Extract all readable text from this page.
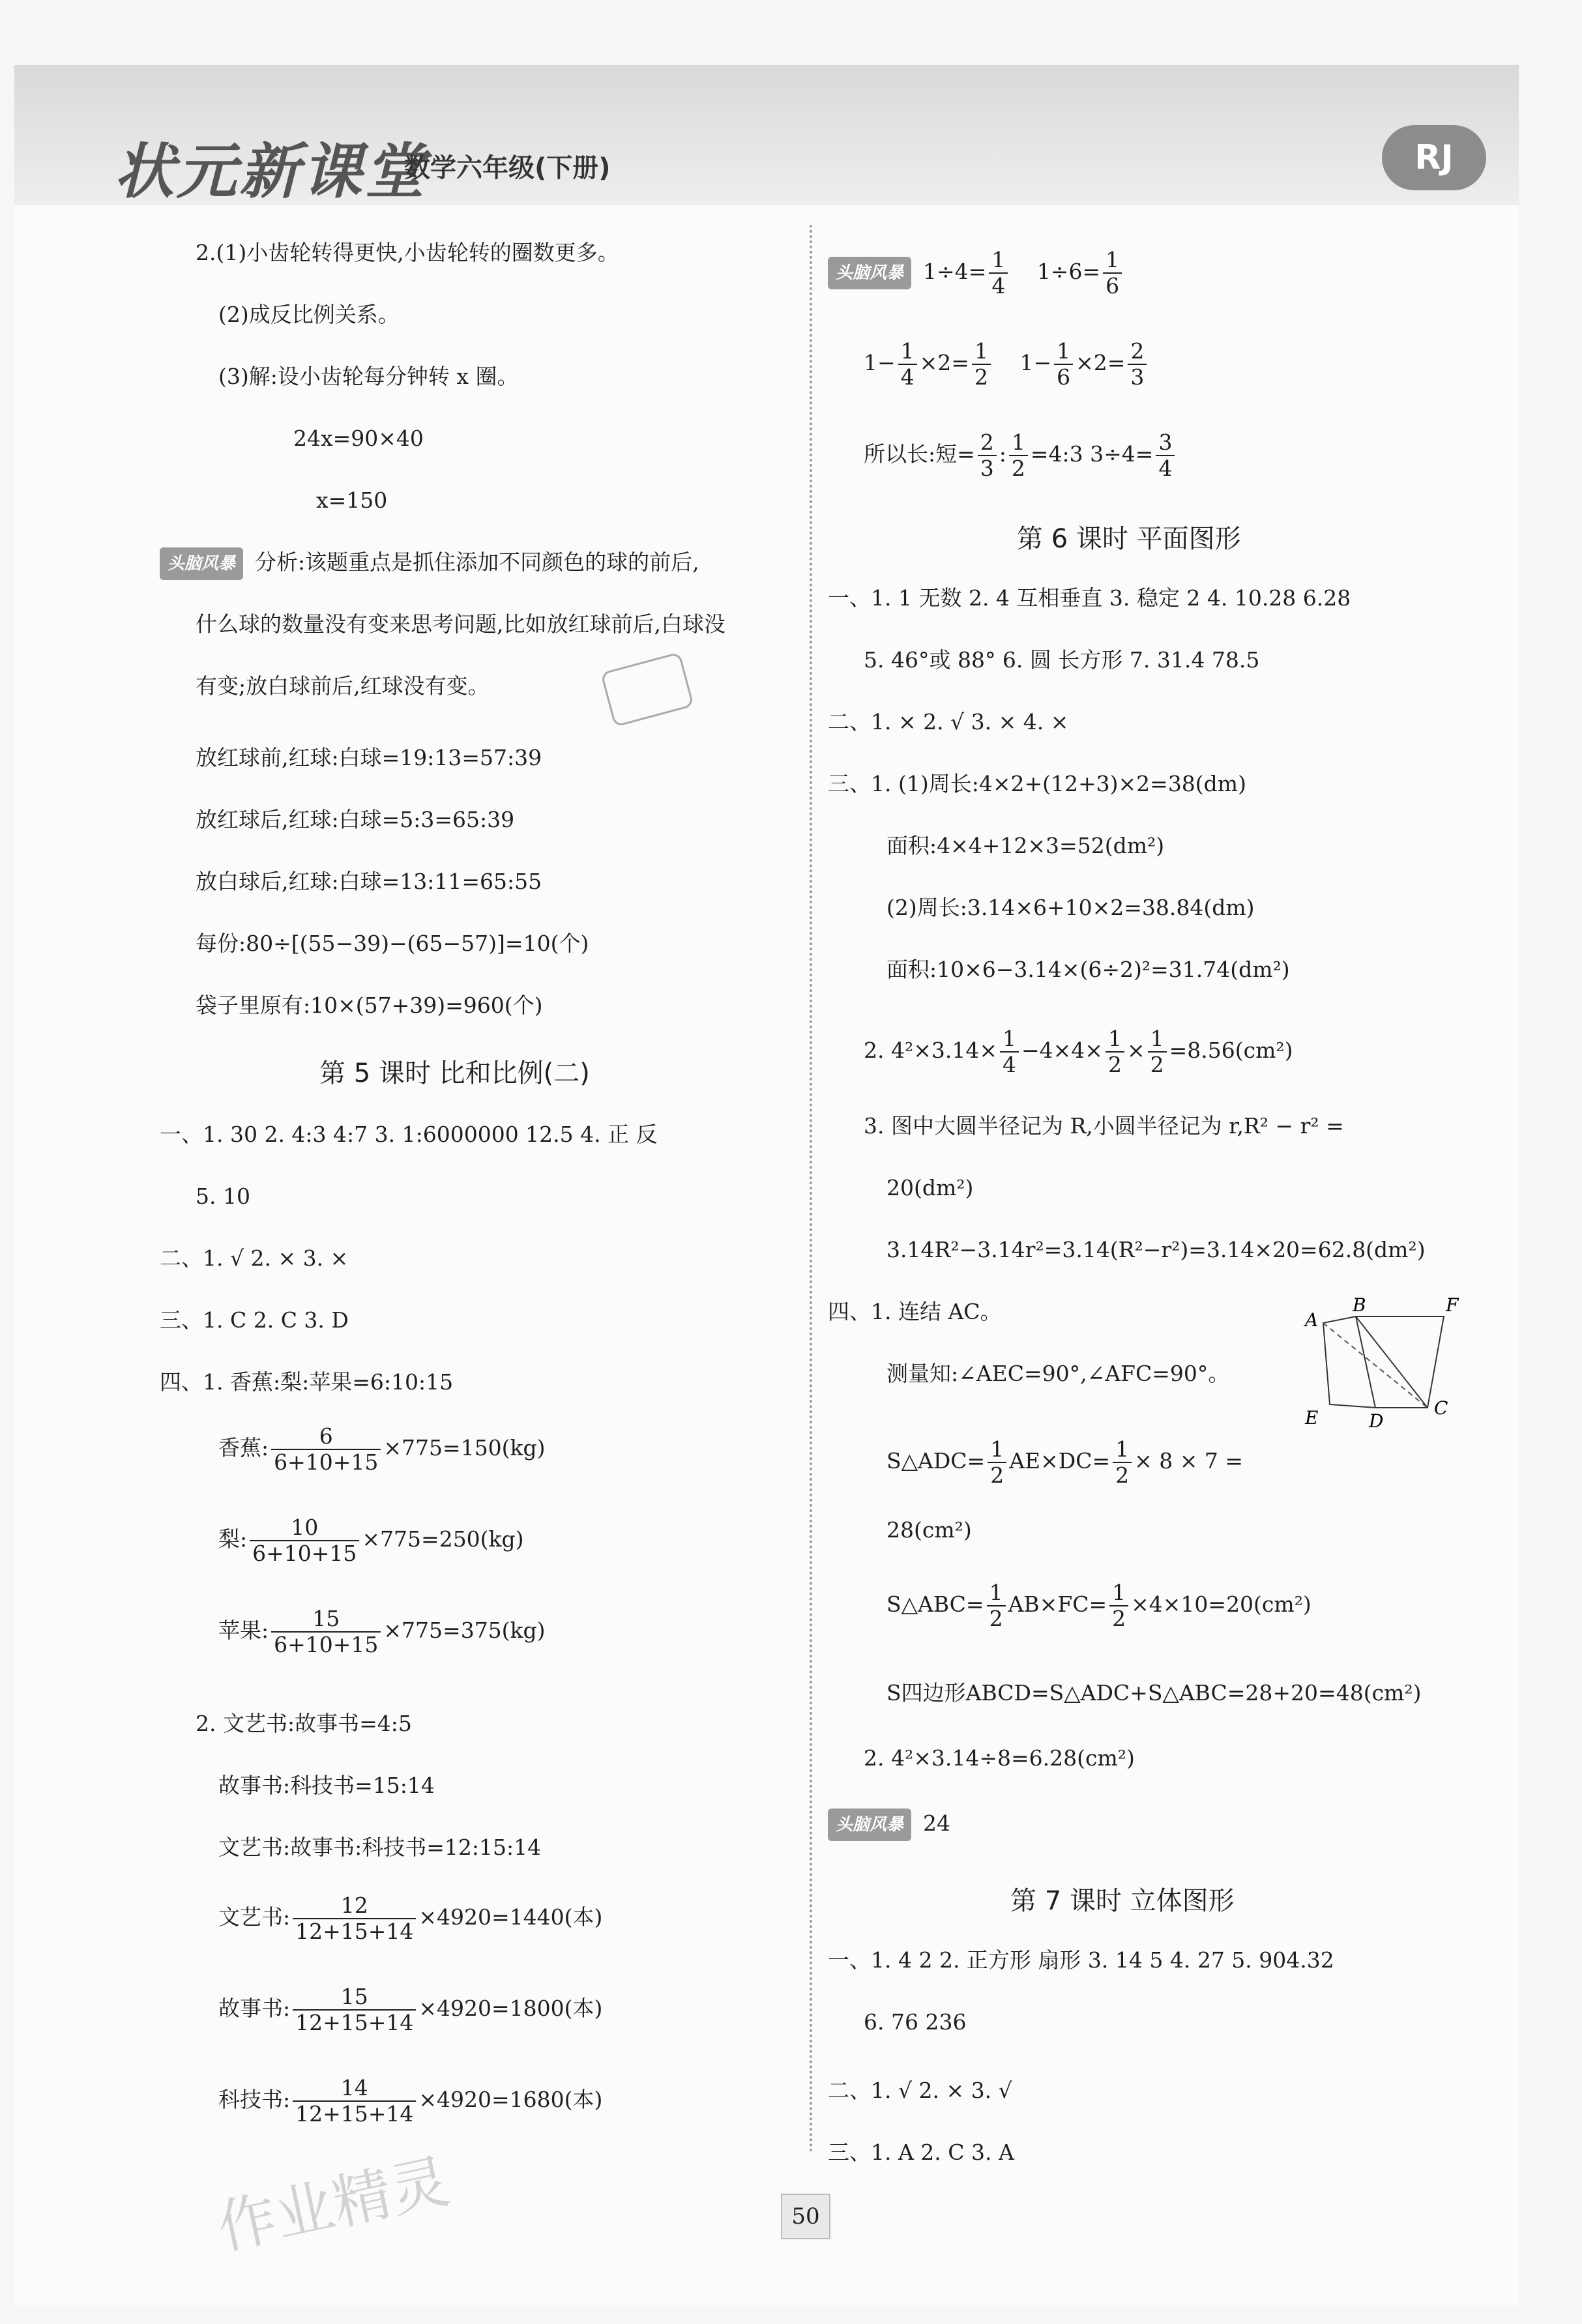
状元新课堂
数学六年级(下册)	RJ
2.(1)小齿轮转得更快,小齿轮转的圈数更多。
(2)成反比例关系。
(3)解:设小齿轮每分钟转 x 圈。
24x=90×40
x=150
头脑风暴 分析:该题重点是抓住添加不同颜色的球的前后,
什么球的数量没有变来思考问题,比如放红球前后,白球没
有变;放白球前后,红球没有变。
放红球前,红球:白球=19:13=57:39
放红球后,红球:白球=5:3=65:39
放白球后,红球:白球=13:11=65:55
每份:80÷[(55−39)−(65−57)]=10(个)
袋子里原有:10×(57+39)=960(个)
第 5 课时 比和比例(二)
一、1. 30 2. 4:3 4:7 3. 1:6000000 12.5 4. 正 反
5. 10
二、1. √ 2. × 3. ×
三、1. C 2. C 3. D
四、1. 香蕉:梨:苹果=6:10:15
香蕉: $\frac{6}{6+10+15} \times 775=150(kg)$
梨: $\frac{10}{6+10+15} \times 775=250(kg)$
苹果: $\frac{15}{6+10+15} \times 775=375(kg)$
2. 文艺书:故事书=4:5
故事书:科技书=15:14
文艺书:故事书:科技书=12:15:14
文艺书: $\frac{12}{12+15+14} \times 4920=1440$(本)
故事书: $\frac{15}{12+15+14} \times 4920=1800$(本)
科技书: $\frac{14}{12+15+14} \times 4920=1680$(本)
头脑风暴 $1\div 4= \frac{1}{4} 1\div 6= \frac{1}{6}$
$1- \frac{1}{4} \times 2= \frac{1}{2} 1- \frac{1}{6} \times 2= \frac{2}{3}$
所以长:短= $\frac{2}{3}$ : $\frac{1}{2}$ =4:3 $3\div 4= \frac{3}{4}$
第 6 课时 平面图形
一、1. 1 无数 2. 4 互相垂直 3. 稳定 2 4. 10.28 6.28
5. 46°或 88° 6. 圆 长方形 7. 31.4 78.5
二、1. × 2. √ 3. × 4. ×
三、1. (1)周长:4×2+(12+3)×2=38(dm)
面积:4×4+12×3=52(dm²)
(2)周长:3.14×6+10×2=38.84(dm)
面积:10×6−3.14×(6÷2)²=31.74(dm²)
2. $4^2\times 3.14\times \frac{1}{4} -4\times 4\times \frac{1}{2} \times \frac{1}{2} =8.56(cm^2)$
3. 图中大圆半径记为 R,小圆半径记为 r,R² − r² =
20(dm²)
3.14R²−3.14r²=3.14(R²−r²)=3.14×20=62.8(dm²)
四、1. 连结 AC。
测量知:∠AEC=90°,∠AFC=90°。
A
B	F
E	D
C
S△ADC= $\frac{1}{2} AE\times DC= \frac{1}{2} \times 8 \times 7$ =
28(cm²)
S△ABC= $\frac{1}{2} AB\times FC= \frac{1}{2} \times 4\times 10=20(cm^2)$
S四边形ABCD=S△ADC+S△ABC=28+20=48(cm²)
2. 4²×3.14÷8=6.28(cm²)
头脑风暴 24
第 7 课时 立体图形
一、1. 4 2 2. 正方形 扇形 3. 14 5 4. 27 5. 904.32
6. 76 236
二、1. √ 2. × 3. √
三、1. A 2. C 3. A
作业精灵	50
